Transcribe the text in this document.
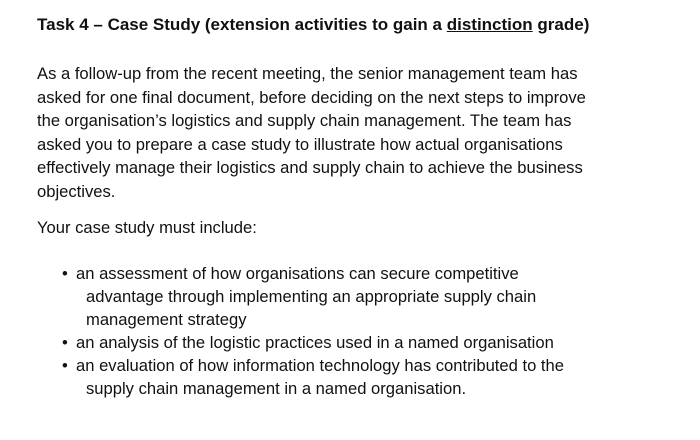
Task 4 – Case Study (extension activities to gain a distinction grade)
As a follow-up from the recent meeting, the senior management team has
asked for one final document, before deciding on the next steps to improve
the organisation’s logistics and supply chain management. The team has
asked you to prepare a case study to illustrate how actual organisations
effectively manage their logistics and supply chain to achieve the business
objectives.
Your case study must include:
• an assessment of how organisations can secure competitive
advantage through implementing an appropriate supply chain
management strategy
• an analysis of the logistic practices used in a named organisation
• an evaluation of how information technology has contributed to the
supply chain management in a named organisation.
